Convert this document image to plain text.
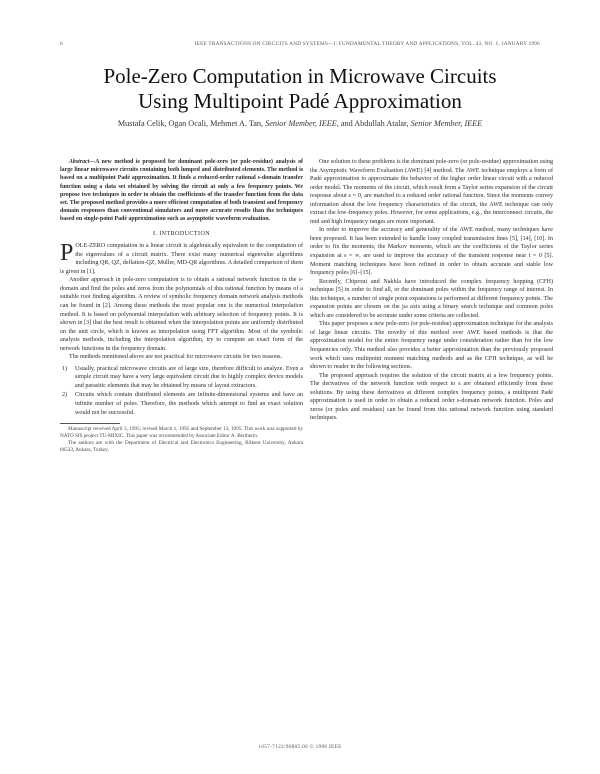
6	IEEE TRANSACTIONS ON CIRCUITS AND SYSTEMS—I: FUNDAMENTAL THEORY AND APPLICATIONS, VOL. 43, NO. 1, JANUARY 1996
Pole-Zero Computation in Microwave Circuits
Using Multipoint Padé Approximation
Mustafa Celik, Ogan Ocali, Mehmet A. Tan, Senior Member, IEEE, and Abdullah Atalar, Senior Member, IEEE

Abstract—A new method is proposed for dominant pole-zero (or pole-residue) analysis of large linear microwave circuits containing both lumped and distributed elements. The method is based on a multipoint Padé approximation. It finds a reduced-order rational s-domain transfer function using a data set obtained by solving the circuit at only a few frequency points. We propose two techniques in order to obtain the coefficients of the transfer function from the data set. The proposed method provides a more efficient computation of both transient and frequency domain responses than conventional simulators and more accurate results than the techniques based on single-point Padé approximation such as asymptotic waveform evaluation.

I. INTRODUCTION

POLE-ZERO computation in a linear circuit is algebraically equivalent to the computation of the eigenvalues of a circuit matrix. There exist many numerical eigenvalue algorithms including QR, QZ, deflation-QZ, Muller, MD-QR algorithms. A detailed comparison of them is given in [1].

Another approach in pole-zero computation is to obtain a rational network function in the s-domain and find the poles and zeros from the polynomials of this rational function by means of a suitable root finding algorithm. A review of symbolic frequency domain network analysis methods can be found in [2]. Among these methods the most popular one is the numerical interpolation method. It is based on polynomial interpolation with arbitrary selection of frequency points. It is shown in [3] that the best result is obtained when the interpolation points are uniformly distributed on the unit circle, which is known as interpolation using FFT algorithm. Most of the symbolic analysis methods, including the interpolation algorithm, try to compute an exact form of the network functions in the frequency domain.

The methods mentioned above are not practical for microwave circuits for two reasons.

1)	Usually, practical microwave circuits are of large size, therefore difficult to analyze. Even a simple circuit may have a very large equivalent circuit due to highly complex device models and parasitic elements that may be obtained by means of layout extractors.
2)	Circuits which contain distributed elements are infinite-dimensional systems and have an infinite number of poles. Therefore, the methods which attempt to find an exact solution would not be successful.

Manuscript received April 3, 1995; revised March 1, 1995 and September 13, 1995. This work was supported by NATO SfS project TU-MIXIC. This paper was recommended by Associate Editor A. Bertherin.

The authors are with the Department of Electrical and Electronics Engineering, Bilkent University, Ankara 06533, Ankara, Turkey.

One solution to these problems is the dominant pole-zero (or pole-residue) approximation using the Asymptotic Waveform Evaluation (AWE) [4] method. The AWE technique employs a form of Padé approximation to approximate the behavior of the higher order linear circuit with a reduced order model. The moments of the circuit, which result from a Taylor series expansion of the circuit response about s = 0, are matched to a reduced order rational function. Since the moments convey information about the low frequency characteristics of the circuit, the AWE technique can only extract the low-frequency poles. However, for some applications, e.g., the interconnect circuits, the mid and high frequency ranges are more important.

In order to improve the accuracy and generality of the AWE method, many techniques have been proposed. It has been extended to handle lossy coupled transmission lines [5], [14], [10]. In order to fix the moments, the Markov moments, which are the coefficients of the Taylor series expansion at s = ∞, are used to improve the accuracy of the transient response near t = 0 [5]. Moment matching techniques have been refined in order to obtain accurate and stable low frequency poles [6]–[15].

Recently, Chiprout and Nakhla have introduced the complex frequency hopping (CFH) technique [5] in order to find all, or the dominant poles within the frequency range of interest. In this technique, a number of single point expansions is performed at different frequency points. The expansion points are chosen on the jω axis using a binary search technique and common poles which are considered to be accurate under some criteria are collected.

This paper proposes a new pole-zero (or pole-residue) approximation technique for the analysis of large linear circuits. The novelty of this method over AWE based methods is that the approximation model for the entire frequency range under consideration rather than for the low frequencies only. This method also provides a better approximation than the previously proposed work which uses multipoint moment matching methods and as the CFH technique, as will be shown to reader in the following sections.

The proposed approach requires the solution of the circuit matrix at a few frequency points. The derivatives of the network function with respect to s are obtained efficiently from these solutions. By using these derivatives at different complex frequency points, a multipoint Padé approximation is used in order to obtain a reduced order s-domain network function. Poles and zeros (or poles and residues) can be found from this rational network function using standard techniques.

1057-7122/96$05.00 © 1996 IEEE
